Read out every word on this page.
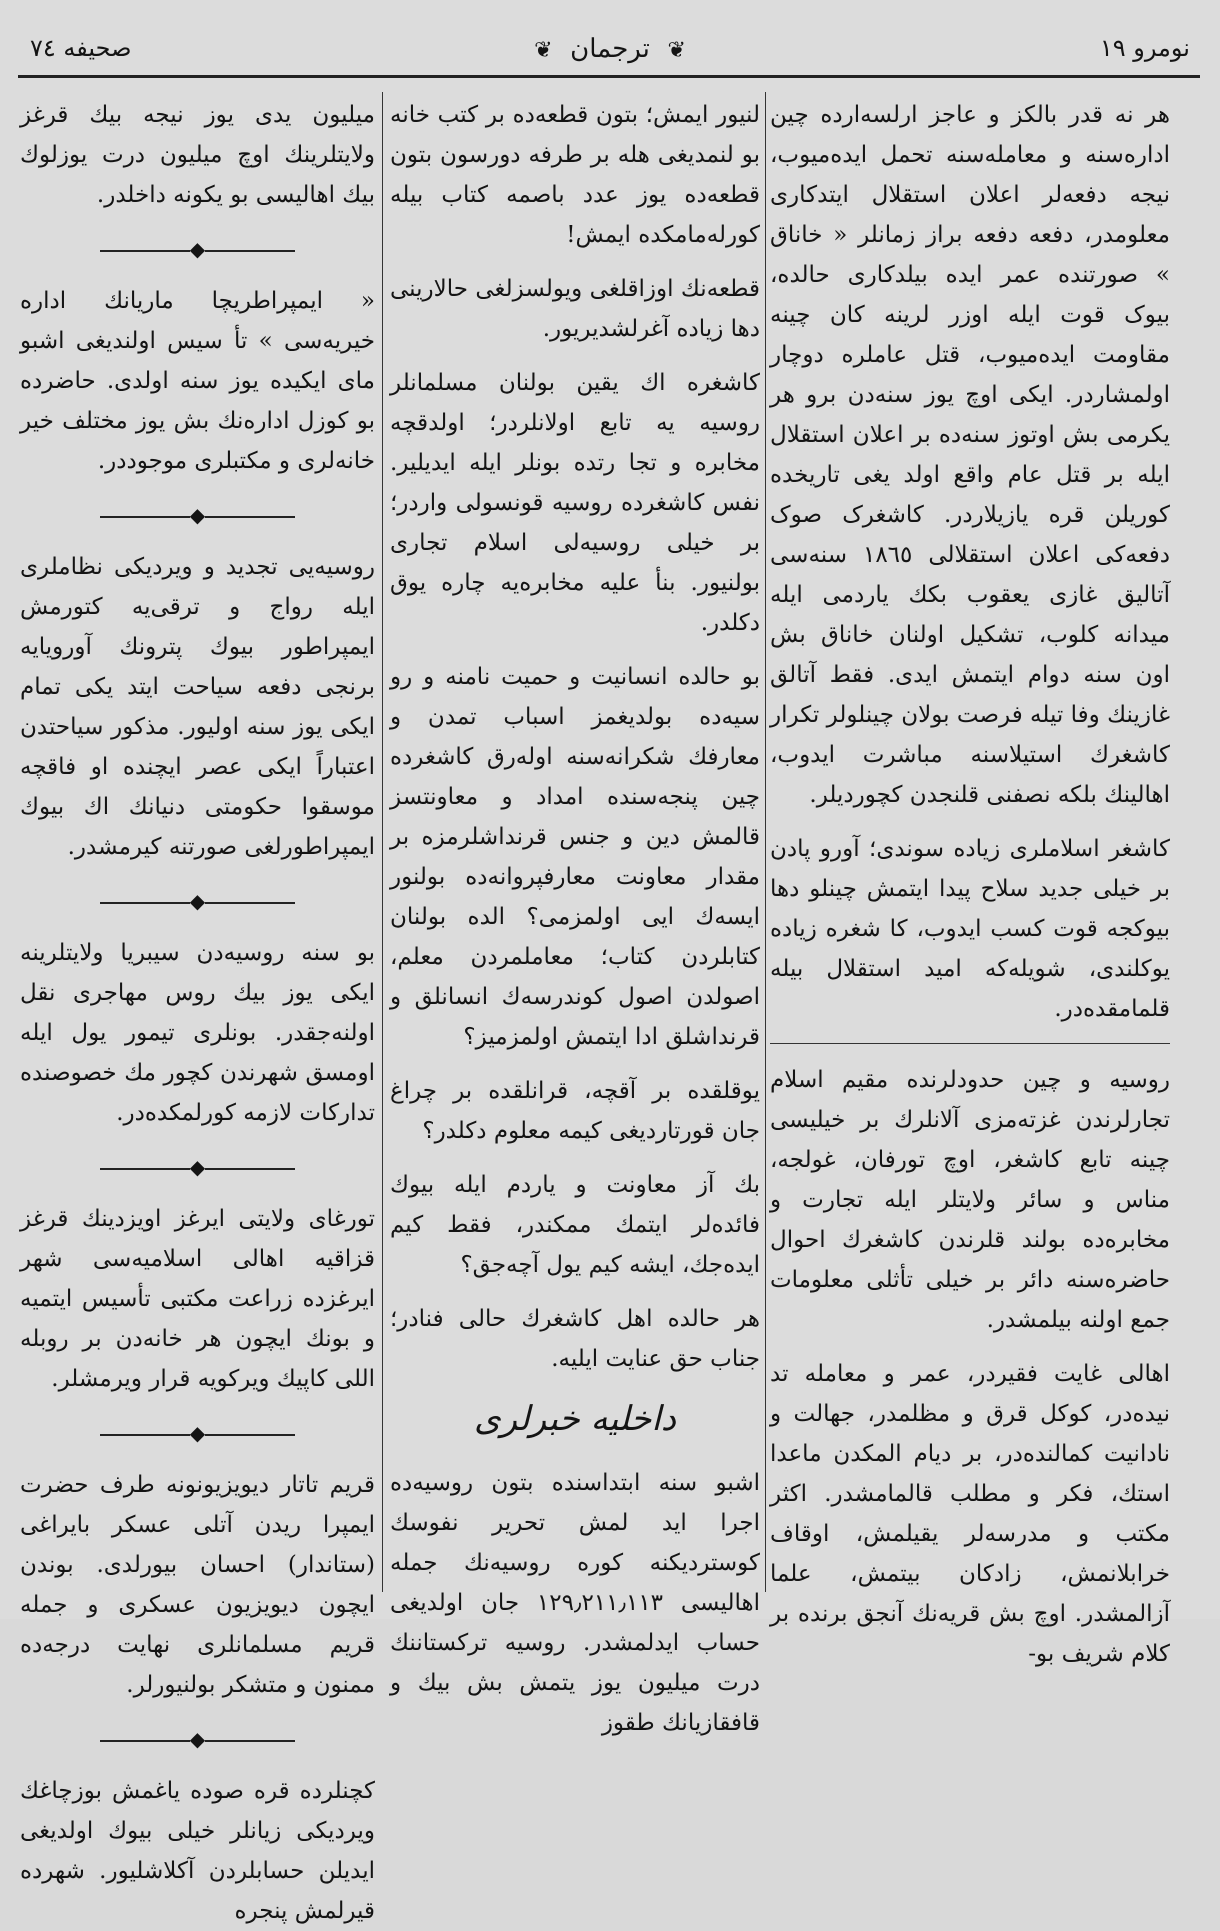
نومرو ۱۹
❦ ترجمان ❦
صحیفه ۷٤

هر نه قدر بالکز و عاجز ارلسه‌ارده چین اداره‌سنه و معامله‌سنه تحمل ایده‌میوب، نیجه دفعه‌لر اعلان استقلال ایتدکاری معلومدر، دفعه دفعه براز زمانلر « خاناق » صورتنده عمر ایده بیلدکاری حالده، بیوک قوت ایله اوزر لرینه کان چینه مقاومت ایده‌میوب، قتل عاملره دوچار اولمشاردر. ایکی اوچ یوز سنه‌دن برو هر یکرمی بش اوتوز سنه‌ده بر اعلان استقلال ایله بر قتل عام واقع اولد یغی تاریخده کوریلن قره یازیلاردر. کاشغرک صوک دفعه‌کی اعلان استقلالی ۱۸٦٥ سنه‌سی آتالیق غازی یعقوب بکك یاردمی ایله میدانه کلوب، تشکیل اولنان خاناق بش اون سنه دوام ایتمش ایدی. فقط آتالق غازینك وفا تیله فرصت بولان چینلولر تکرار کاشغرك استیلاسنه مباشرت ایدوب، اهالینك بلکه نصفنی قلنجدن کچوردیلر.

کاشغر اسلاملری زیاده سوندی؛ آورو پادن بر خیلی جدید سلاح پیدا ایتمش چینلو دها بیوکجه قوت کسب ایدوب، کا شغره زیاده یوکلندی، شویله‌که امید استقلال بیله قلمامقده‌در.

روسیه و چین حدودلرنده مقیم اسلام تجارلرندن غزته‌مزی آلانلرك بر خیلیسی چینه تابع کاشغر، اوچ تورفان، غولجه، مناس و سائر ولایتلر ایله تجارت و مخابره‌ده بولند قلرندن کاشغرك احوال حاضره‌سنه دائر بر خیلی تأثلی معلومات جمع اولنه بیلمشدر.

اهالی غایت فقیردر، عمر و معامله تد نیده‌در، کوکل قرق و مظلمدر، جهالت و نادانیت کمالنده‌در، بر دیام المکدن ماعدا استك، فکر و مطلب قالمامشدر. اکثر مکتب و مدرسه‌لر یقیلمش، اوقاف خرابلانمش، زادکان بیتمش، علما آزالمشدر. اوچ بش قریه‌نك آنجق برنده بر کلام شریف بو-

لنیور ایمش؛ بتون قطعه‌ده بر کتب خانه بو لنمدیغی هله بر طرفه دورسون بتون قطعه‌ده یوز عدد باصمه کتاب بیله کورله‌مامکده ایمش!

قطعه‌نك اوزاقلغی ویولسزلغی حالارینی دها زیاده آغرلشدیریور.

کاشغره اك یقین بولنان مسلمانلر روسیه یه تابع اولانلردر؛ اولدقچه مخابره و تجا رتده بونلر ایله ایدیلیر. نفس کاشغرده روسیه قونسولی واردر؛ بر خیلی روسیه‌لی اسلام تجاری بولنیور. بنأ علیه مخابره‌یه چاره یوق دکلدر.

بو حالده انسانیت و حمیت نامنه و رو سیه‌ده بولدیغمز اسباب تمدن و معارفك شکرانه‌سنه اوله‌رق کاشغرده چین پنجه‌سنده امداد و معاونتسز قالمش دین و جنس قرنداشلرمزه بر مقدار معاونت معارفپروانه‌ده بولنور ایسه‌ك ایی اولمزمی؟ الده بولنان کتابلردن کتاب؛ معاملمردن معلم، اصولدن اصول کوندرسه‌ك انسانلق و قرنداشلق ادا ایتمش اولمزمیز؟

یوقلقده بر آقچه، قرانلقده بر چراغ جان قورتاردیغی کیمه معلوم دکلدر؟

بك آز معاونت و یاردم ایله بیوك فائده‌لر ایتمك ممکندر، فقط کیم ایده‌جك، ایشه کیم یول آچه‌جق؟

هر حالده اهل کاشغرك حالی فنادر؛ جناب حق عنایت ایلیه.

داخلیه خبرلری

اشبو سنه ابتداسنده بتون روسیه‌ده اجرا اید لمش تحریر نفوسك کوستردیکنه کوره روسیه‌نك جمله اهالیسی ۱۲۹٫۲۱۱٫۱۱۳ جان اولدیغی حساب ایدلمشدر. روسیه ترکستاننك درت میلیون یوز یتمش بش بیك و قافقازیانك طقوز

میلیون یدی یوز نیجه بیك قرغز ولایتلرینك اوچ میلیون درت یوزلوك بیك اهالیسی بو یکونه داخلدر.

◆

« ایمپراطریچا ماریانك اداره خیریه‌سی » تأ سیس اولندیغی اشبو مای ایکیده یوز سنه اولدی. حاضرده بو کوزل اداره‌نك بش یوز مختلف خیر خانه‌لری و مکتبلری موجوددر.

◆

روسیه‌یی تجدید و ویردیکی نظاملری ایله رواج و ترقی‌یه کتورمش ایمپراطور بیوك پترونك آورویایه برنجی دفعه سیاحت ایتد یکی تمام ایکی یوز سنه اولیور. مذکور سیاحتدن اعتباراً ایکی عصر ایچنده او فاقچه موسقوا حکومتی دنیانك اك بیوك ایمپراطورلغی صورتنه کیرمشدر.

◆

بو سنه روسیه‌دن سیبریا ولایتلرینه ایکی یوز بیك روس مهاجری نقل اولنه‌جقدر. بونلری تیمور یول ایله اومسق شهرندن کچور مك خصوصنده تدارکات لازمه کورلمکده‌در.

◆

تورغای ولایتی ایرغز اویزدینك قرغز قزاقیه اهالی اسلامیه‌سی شهر ایرغزده زراعت مکتبی تأسیس ایتمیه و بونك ایچون هر خانه‌دن بر روبله اللی کاپیك ویرکویه قرار ویرمشلر.

◆

قریم تاتار دیویزیونونه طرف حضرت ایمپرا ریدن آتلی عسکر بایراغی (ستاندار) احسان بیورلدی. بوندن ایچون دیویزیون عسکری و جمله قریم مسلمانلری نهایت درجه‌ده ممنون و متشکر بولنیورلر.

◆

کچنلرده قره صوده یاغمش بوزچاغك ویردیکی زیانلر خیلی بیوك اولدیغی ایدیلن حسابلردن آکلاشلیور. شهرده قیرلمش پنجره
